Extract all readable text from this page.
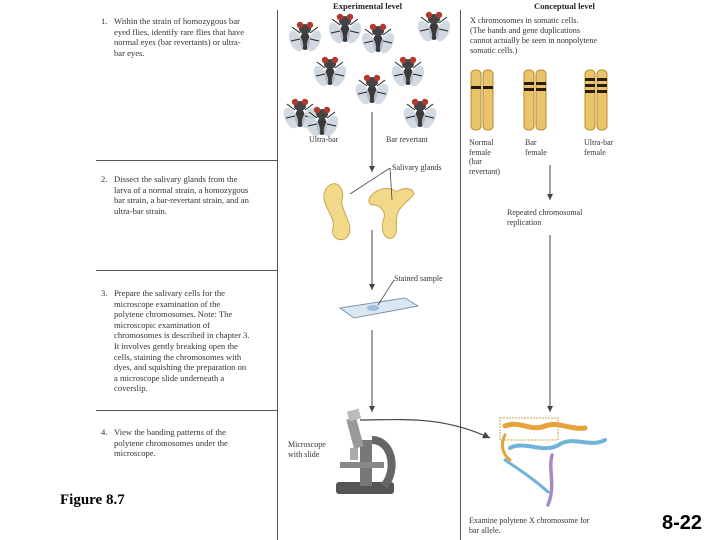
Experimental level	Conceptual level
1. Within the strain of homozygous bar
eyed flies, identify rare flies that have
normal eyes (bar revertants) or ultra-
bar eyes.
2. Dissect the salivary glands from the
larva of a normal strain, a homozygous
bar strain, a bar-revertant strain, and an
ultra-bar strain.
3. Prepare the salivary cells for the
microscope examination of the
polytene chromosomes. Note: The
microscopic examination of
chromosomes is described in chapter 3.
It involves gently breaking open the
cells, staining the chromosomes with
dyes, and squishing the preparation on
a microscope slide underneath a
coverslip.
4. View the banding patterns of the
polytene chromosomes under the
microscope.
Ultra-bar	Bar revertant
Salivary glands
Stained sample
Microscope
with slide
X chromosomes in somatic cells.
(The bands and gene duplications
cannot actually be seen in nonpolytene
somatic cells.)
Normal
female
(bar
revertant)
Bar
female
Ultra-bar
female
Repeated chromosomal
replication
Examine polytene X chromosome for
bar allele.
Figure 8.7
8-22
